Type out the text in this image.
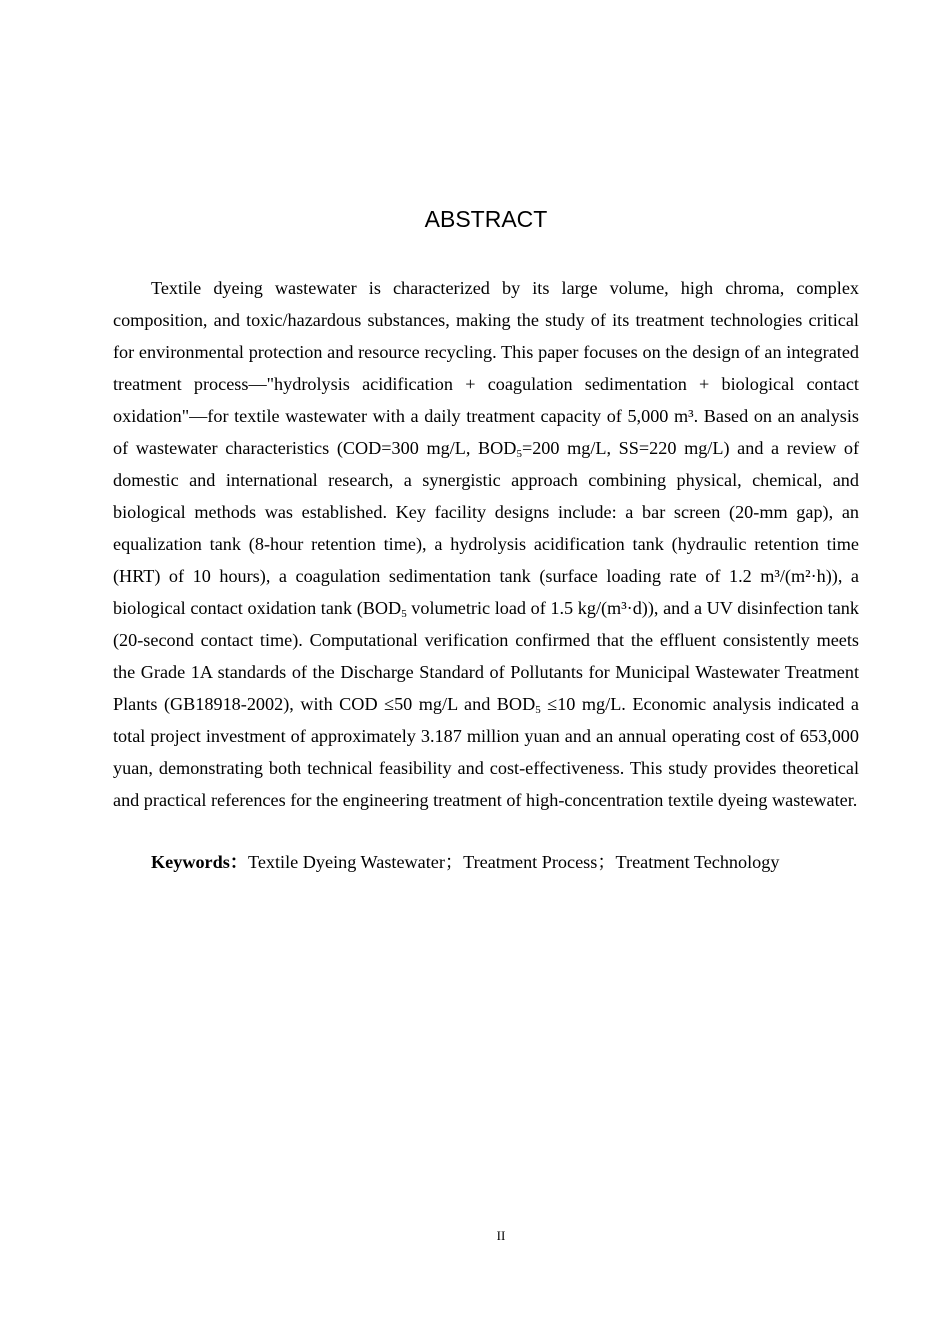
ABSTRACT

Textile dyeing wastewater is characterized by its large volume, high chroma, complex composition, and toxic/hazardous substances, making the study of its treatment technologies critical for environmental protection and resource recycling. This paper focuses on the design of an integrated treatment process—"hydrolysis acidification + coagulation sedimentation + biological contact oxidation"—for textile wastewater with a daily treatment capacity of 5,000 m³. Based on an analysis of wastewater characteristics (COD=300 mg/L, $BOD_5=200$ mg/L, SS=220 mg/L) and a review of domestic and international research, a synergistic approach combining physical, chemical, and biological methods was established. Key facility designs include: a bar screen (20-mm gap), an equalization tank (8-hour retention time), a hydrolysis acidification tank (hydraulic retention time (HRT) of 10 hours), a coagulation sedimentation tank (surface loading rate of 1.2 m³/(m²·h)), a biological contact oxidation tank ($BOD_5$ volumetric load of 1.5 kg/(m³·d)), and a UV disinfection tank (20-second contact time). Computational verification confirmed that the effluent consistently meets the Grade 1A standards of the Discharge Standard of Pollutants for Municipal Wastewater Treatment Plants (GB18918-2002), with COD ≤50 mg/L and $BOD_5 \le 10$ mg/L. Economic analysis indicated a total project investment of approximately 3.187 million yuan and an annual operating cost of 653,000 yuan, demonstrating both technical feasibility and cost-effectiveness. This study provides theoretical and practical references for the engineering treatment of high-concentration textile dyeing wastewater.

Keywords：Textile Dyeing Wastewater；Treatment Process；Treatment Technology

II
